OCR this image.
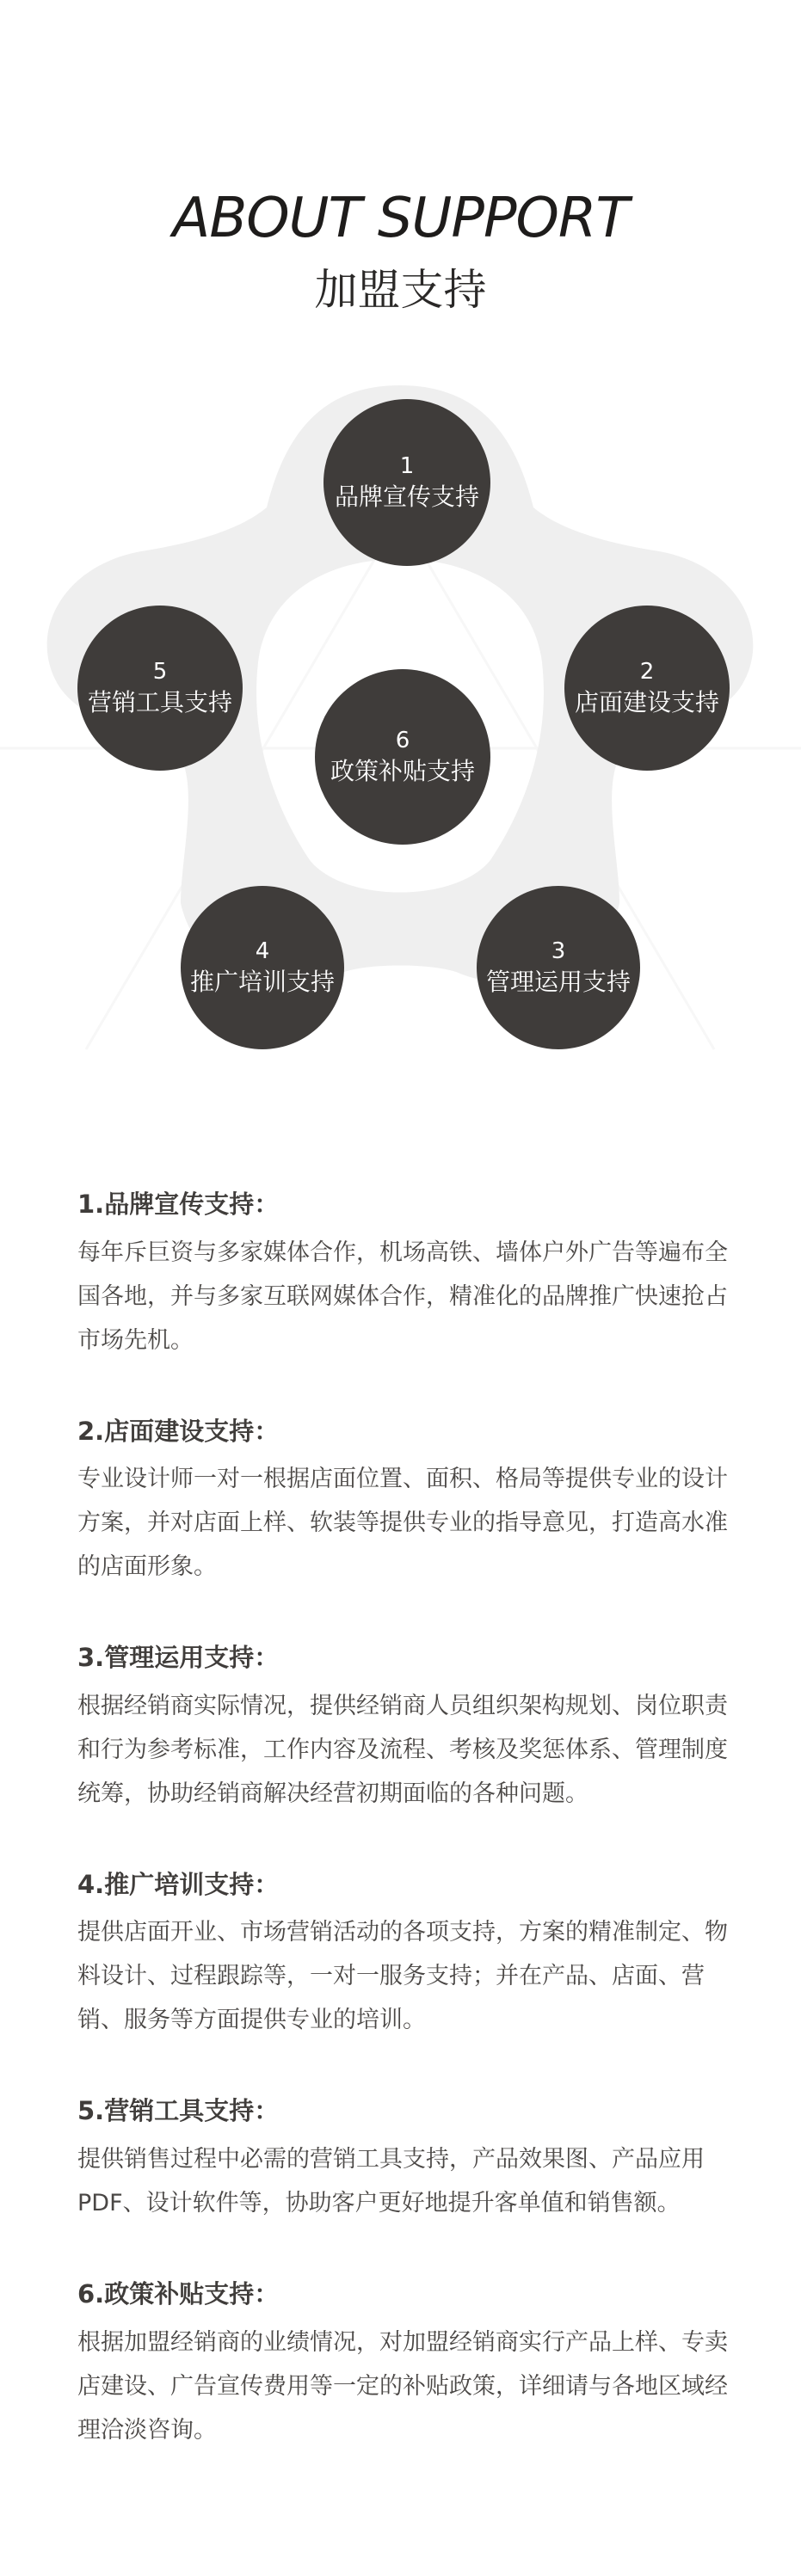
ABOUT SUPPORT
加盟支持
1
品牌宣传支持
2
店面建设支持
3
管理运用支持
4
推广培训支持
5
营销工具支持
6
政策补贴支持
1.品牌宣传支持：

每年斥巨资与多家媒体合作，机场高铁、墙体户外广告等遍布全国各地，并与多家互联网媒体合作，精准化的品牌推广快速抢占市场先机。

2.店面建设支持：

专业设计师一对一根据店面位置、面积、格局等提供专业的设计方案，并对店面上样、软装等提供专业的指导意见，打造高水准的店面形象。

3.管理运用支持：

根据经销商实际情况，提供经销商人员组织架构规划、岗位职责和行为参考标准，工作内容及流程、考核及奖惩体系、管理制度统筹，协助经销商解决经营初期面临的各种问题。

4.推广培训支持：

提供店面开业、市场营销活动的各项支持，方案的精准制定、物料设计、过程跟踪等，一对一服务支持；并在产品、店面、营销、服务等方面提供专业的培训。

5.营销工具支持：

提供销售过程中必需的营销工具支持，产品效果图、产品应用PDF、设计软件等，协助客户更好地提升客单值和销售额。

6.政策补贴支持：

根据加盟经销商的业绩情况，对加盟经销商实行产品上样、专卖店建设、广告宣传费用等一定的补贴政策，详细请与各地区域经理洽淡咨询。
